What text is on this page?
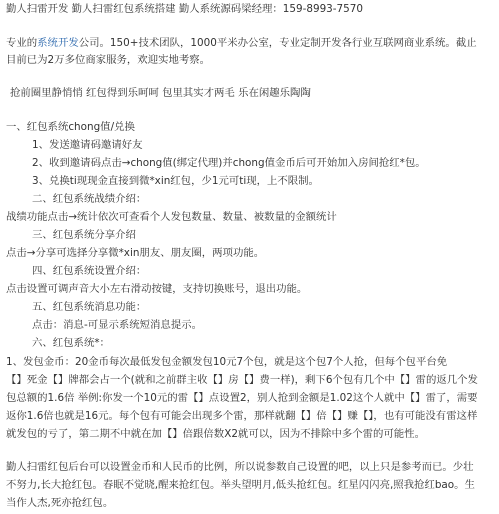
勤人扫雷开发 勤人扫雷红包系统搭建 勤人系统源码梁经理：159-8993-7570
专业的系统开发公司。150+技术团队，1000平米办公室，专业定制开发各行业互联网商业系统。截止
目前已为2万多位商家服务，欢迎实地考察。
抢前圈里静悄悄 红包得到乐呵呵 包里其实才两毛 乐在闲趣乐陶陶
一、红包系统chong值/兑换
1、发送邀请码邀请好友
2、收到邀请码点击→chong值(绑定代理)并chong值金币后可开始加入房间抢红*包。
3、兑换ti现现金直接到微*xin红包，少1元可ti现，上不限制。
二、红包系统战绩介绍：
战绩功能点击→统计依次可查看个人发包数量、数量、被数量的金额统计
三、红包系统分享介绍
点击→分享可选择分享微*xin朋友、朋友圈，两项功能。
四、红包系统设置介绍：
点击设置可调声音大小左右滑动按键，支持切换账号，退出功能。
五、红包系统消息功能：
点击：消息-可显示系统短消息提示。
六、红包系统*：
1、发包金币：20金币每次最低发包金额发包10元7个包，就是这个包7个人抢，但每个包平台免
【】死金【】牌都会占一个(就和之前群主收【】房【】费一样)，剩下6个包有几个中【】雷的返几个发
包总额的1.6倍 举例:你发一个10元的雷【】点设置2，别人抢到金额是1.02这个人就中【】雷了，需要
返你1.6倍也就是16元。每个包有可能会出现多个雷，那样就翻【】倍【】赚【】，也有可能没有雷这样
就发包的亏了，第二期不中就在加【】倍跟倍数X2就可以，因为不排除中多个雷的可能性。
勤人扫雷红包后台可以设置金币和人民币的比例，所以说参数自己设置的吧，以上只是参考而已。少壮
不努力,长大抢红包。春眠不觉晓,醒来抢红包。举头望明月,低头抢红包。红星闪闪亮,照我抢红bao。生
当作人杰,死亦抢红包。
